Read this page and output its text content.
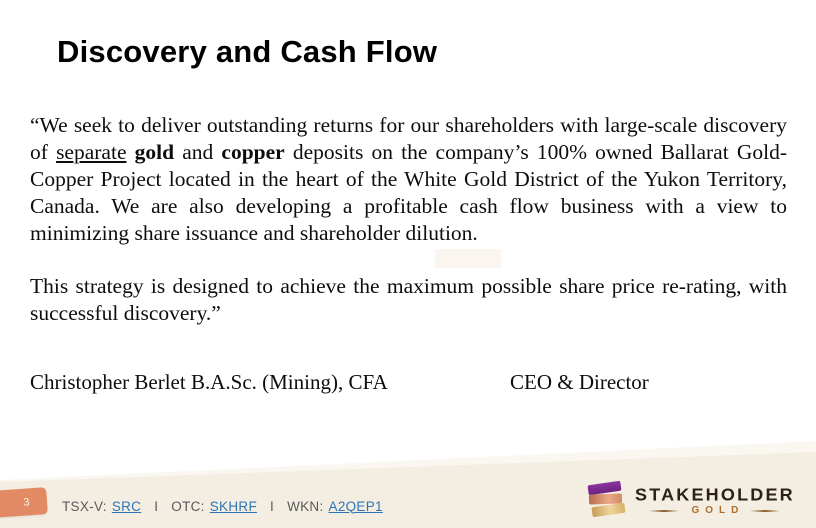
Discovery and Cash Flow

“We seek to deliver outstanding returns for our shareholders with large-scale discovery of separate gold and copper deposits on the company’s 100% owned Ballarat Gold-Copper Project located in the heart of the White Gold District of the Yukon Territory, Canada. We are also developing a profitable cash flow business with a view to minimizing share issuance and shareholder dilution.

This strategy is designed to achieve the maximum possible share price re-rating, with successful discovery.”

Christopher Berlet B.A.Sc. (Mining), CFA	CEO & Director
3 TSX-V: SRC I OTC: SKHRF I WKN: A2QEP1
STAKEHOLDER
GOLD
